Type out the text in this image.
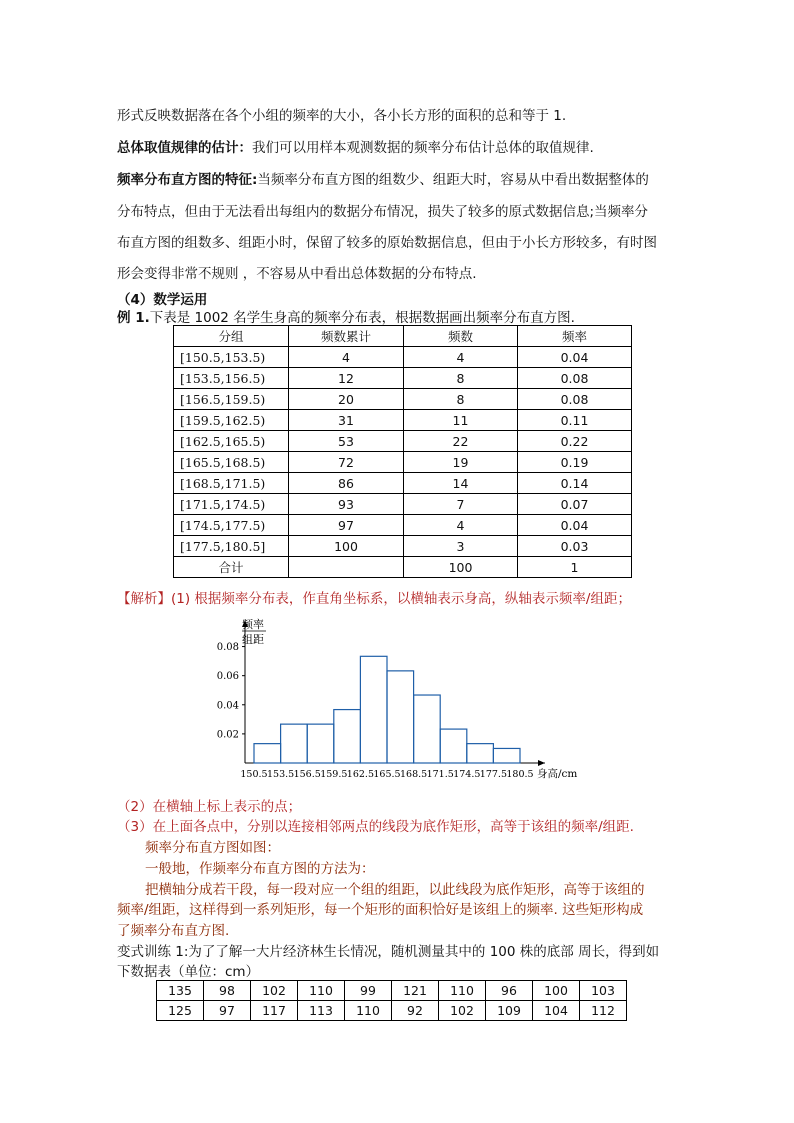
形式反映数据落在各个小组的频率的大小，各小长方形的面积的总和等于 1.
总体取值规律的估计：我们可以用样本观测数据的频率分布估计总体的取值规律.
频率分布直方图的特征:当频率分布直方图的组数少、组距大时，容易从中看出数据整体的
分布特点，但由于无法看出每组内的数据分布情况，损失了较多的原式数据信息;当频率分
布直方图的组数多、组距小时，保留了较多的原始数据信息，但由于小长方形较多，有时图
形会变得非常不规则 ，不容易从中看出总体数据的分布特点.
（4）数学运用
例 1.下表是 1002 名学生身高的频率分布表，根据数据画出频率分布直方图.
分组	频数累计	频数	频率
[150.5,153.5)	4	4	0.04
[153.5,156.5)	12	8	0.08
[156.5,159.5)	20	8	0.08
[159.5,162.5)	31	11	0.11
[162.5,165.5)	53	22	0.22
[165.5,168.5)	72	19	0.19
[168.5,171.5)	86	14	0.14
[171.5,174.5)	93	7	0.07
[174.5,177.5)	97	4	0.04
[177.5,180.5]	100	3	0.03
合计		100	1
【解析】(1) 根据频率分布表，作直角坐标系，以横轴表示身高，纵轴表示频率/组距；
频率
组距
0.02
0.04
0.06
0.08
150.5 153.5 156.5 159.5 162.5 165.5 168.5 171.5 174.5 177.5 180.5 身高/cm
（2）在横轴上标上表示的点；
（3）在上面各点中，分别以连接相邻两点的线段为底作矩形，高等于该组的频率/组距.
频率分布直方图如图：
一般地，作频率分布直方图的方法为：
把横轴分成若干段，每一段对应一个组的组距，以此线段为底作矩形，高等于该组的
频率/组距，这样得到一系列矩形，每一个矩形的面积恰好是该组上的频率. 这些矩形构成
了频率分布直方图.
变式训练 1:为了了解一大片经济林生长情况，随机测量其中的 100 株的底部 周长，得到如
下数据表（单位：cm）
135	98	102	110	99	121	110	96	100	103
125	97	117	113	110	92	102	109	104	112
